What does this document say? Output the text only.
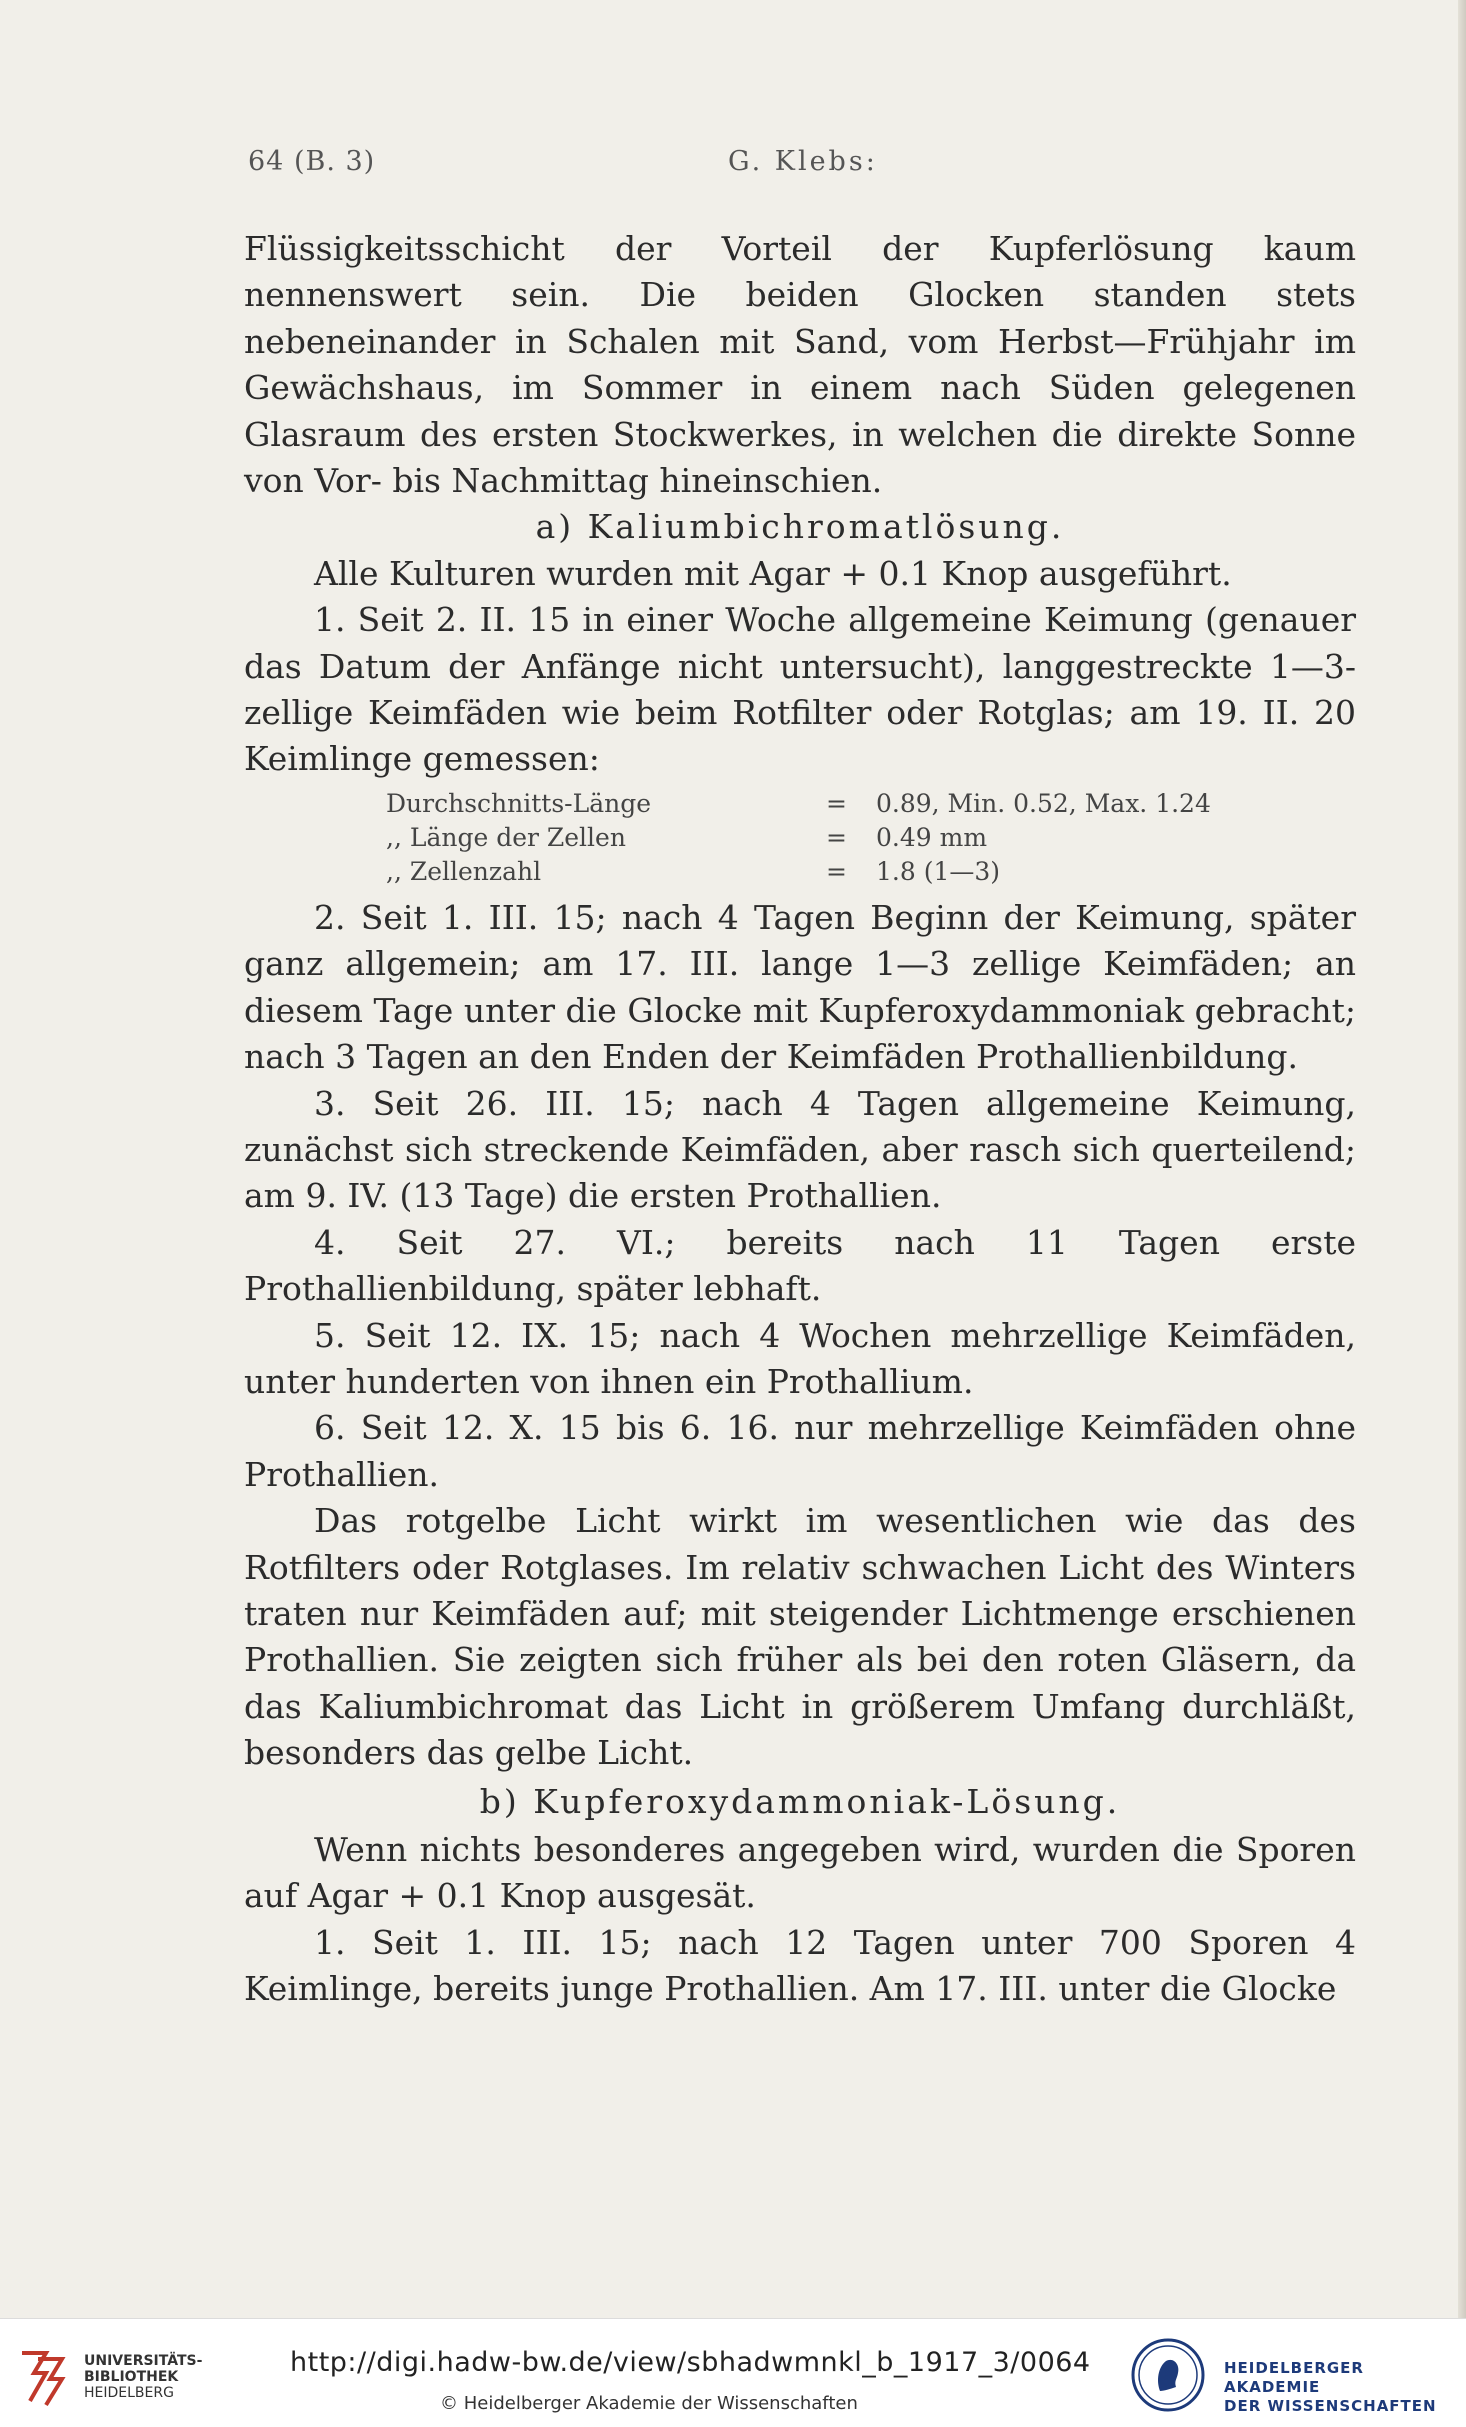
64 (B. 3)	G. Klebs:

Flüssigkeitsschicht der Vorteil der Kupferlösung kaum nennenswert sein. Die beiden Glocken standen stets nebeneinander in Schalen mit Sand, vom Herbst—Frühjahr im Gewächshaus, im Sommer in einem nach Süden gelegenen Glasraum des ersten Stockwerkes, in welchen die direkte Sonne von Vor- bis Nachmittag hineinschien.

a) Kaliumbichromatlösung.

Alle Kulturen wurden mit Agar + 0.1 Knop ausgeführt.

1. Seit 2. II. 15 in einer Woche allgemeine Keimung (genauer das Datum der Anfänge nicht untersucht), langgestreckte 1—3-zellige Keimfäden wie beim Rotfilter oder Rotglas; am 19. II. 20 Keimlinge gemessen:

Durchschnitts-Länge	=	0.89, Min. 0.52, Max. 1.24
,, Länge der Zellen	=	0.49 mm
,, Zellenzahl	=	1.8 (1—3)

2. Seit 1. III. 15; nach 4 Tagen Beginn der Keimung, später ganz allgemein; am 17. III. lange 1—3 zellige Keimfäden; an diesem Tage unter die Glocke mit Kupferoxydammoniak gebracht; nach 3 Tagen an den Enden der Keimfäden Prothallienbildung.

3. Seit 26. III. 15; nach 4 Tagen allgemeine Keimung, zunächst sich streckende Keimfäden, aber rasch sich querteilend; am 9. IV. (13 Tage) die ersten Prothallien.

4. Seit 27. VI.; bereits nach 11 Tagen erste Prothallienbildung, später lebhaft.

5. Seit 12. IX. 15; nach 4 Wochen mehrzellige Keimfäden, unter hunderten von ihnen ein Prothallium.

6. Seit 12. X. 15 bis 6. 16. nur mehrzellige Keimfäden ohne Prothallien.

Das rotgelbe Licht wirkt im wesentlichen wie das des Rotfilters oder Rotglases. Im relativ schwachen Licht des Winters traten nur Keimfäden auf; mit steigender Lichtmenge erschienen Prothallien. Sie zeigten sich früher als bei den roten Gläsern, da das Kaliumbichromat das Licht in größerem Umfang durchläßt, besonders das gelbe Licht.

b) Kupferoxydammoniak-Lösung.

Wenn nichts besonderes angegeben wird, wurden die Sporen auf Agar + 0.1 Knop ausgesät.

1. Seit 1. III. 15; nach 12 Tagen unter 700 Sporen 4 Keimlinge, bereits junge Prothallien. Am 17. III. unter die Glocke

UNIVERSITÄTS-
BIBLIOTHEK
HEIDELBERG
http://digi.hadw-bw.de/view/sbhadwmnkl_b_1917_3/0064
© Heidelberger Akademie der Wissenschaften
HEIDELBERGER AKADEMIE
DER WISSENSCHAFTEN
